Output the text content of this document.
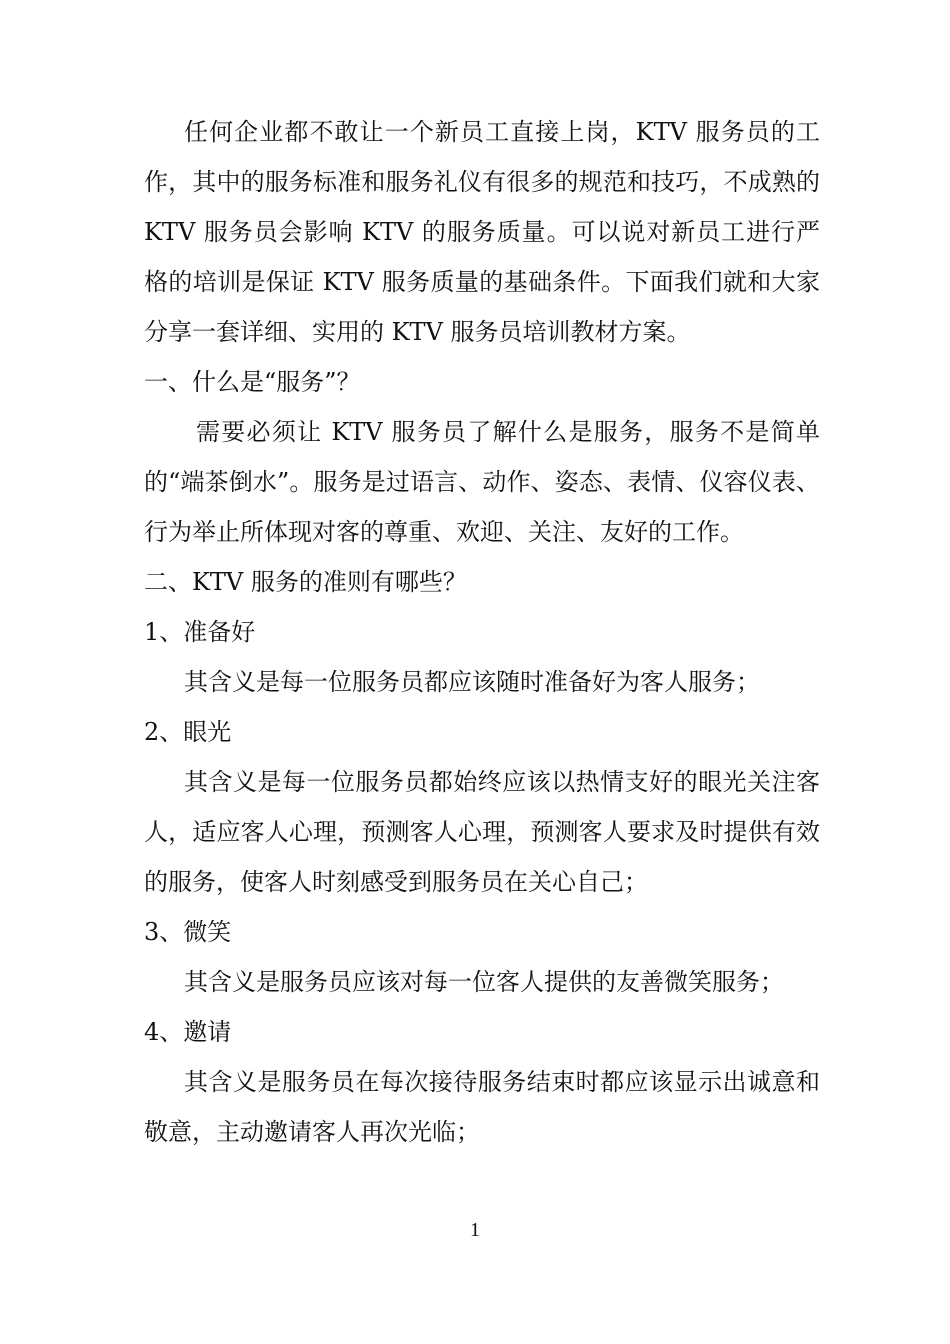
任何企业都不敢让一个新员工直接上岗，KTV 服务员的工作，其中的服务标准和服务礼仪有很多的规范和技巧，不成熟的 KTV 服务员会影响 KTV 的服务质量。可以说对新员工进行严格的培训是保证 KTV 服务质量的基础条件。下面我们就和大家分享一套详细、实用的 KTV 服务员培训教材方案。

一、什么是“服务”？

需要必须让 KTV 服务员了解什么是服务，服务不是简单的“端茶倒水”。服务是过语言、动作、姿态、表情、仪容仪表、行为举止所体现对客的尊重、欢迎、关注、友好的工作。

二、KTV 服务的准则有哪些？

1、准备好

其含义是每一位服务员都应该随时准备好为客人服务；

2、眼光

其含义是每一位服务员都始终应该以热情支好的眼光关注客人，适应客人心理，预测客人心理，预测客人要求及时提供有效的服务，使客人时刻感受到服务员在关心自己；

3、微笑

其含义是服务员应该对每一位客人提供的友善微笑服务；

4、邀请

其含义是服务员在每次接待服务结束时都应该显示出诚意和敬意，主动邀请客人再次光临；

1
